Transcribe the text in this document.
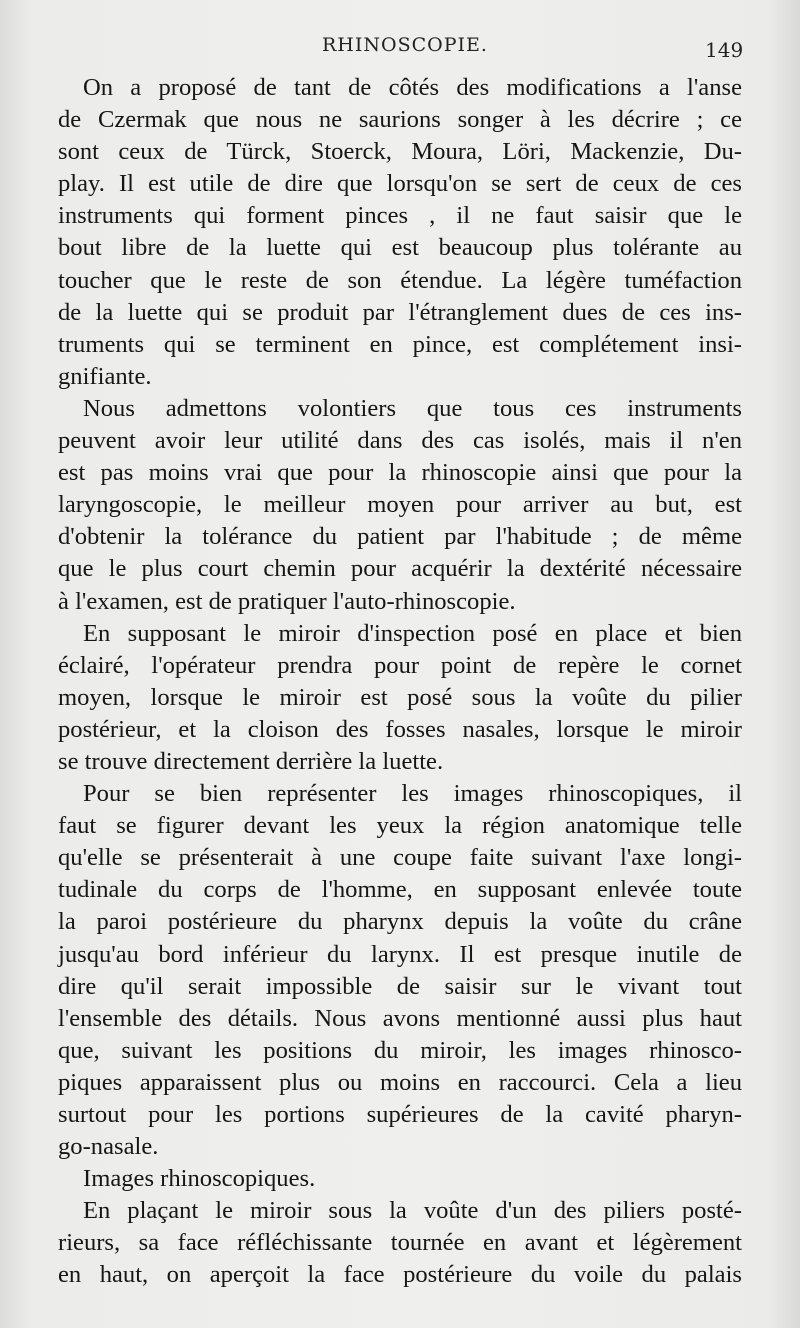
RHINOSCOPIE.	149
On a proposé de tant de côtés des modifications a l'anse
de Czermak que nous ne saurions songer à les décrire ; ce
sont ceux de Türck, Stoerck, Moura, Löri, Mackenzie, Du-
play. Il est utile de dire que lorsqu'on se sert de ceux de ces
instruments qui forment pinces , il ne faut saisir que le
bout libre de la luette qui est beaucoup plus tolérante au
toucher que le reste de son étendue. La légère tuméfaction
de la luette qui se produit par l'étranglement dues de ces ins-
truments qui se terminent en pince, est complétement insi-
gnifiante.
Nous admettons volontiers que tous ces instruments
peuvent avoir leur utilité dans des cas isolés, mais il n'en
est pas moins vrai que pour la rhinoscopie ainsi que pour la
laryngoscopie, le meilleur moyen pour arriver au but, est
d'obtenir la tolérance du patient par l'habitude ; de même
que le plus court chemin pour acquérir la dextérité nécessaire
à l'examen, est de pratiquer l'auto-rhinoscopie.
En supposant le miroir d'inspection posé en place et bien
éclairé, l'opérateur prendra pour point de repère le cornet
moyen, lorsque le miroir est posé sous la voûte du pilier
postérieur, et la cloison des fosses nasales, lorsque le miroir
se trouve directement derrière la luette.
Pour se bien représenter les images rhinoscopiques, il
faut se figurer devant les yeux la région anatomique telle
qu'elle se présenterait à une coupe faite suivant l'axe longi-
tudinale du corps de l'homme, en supposant enlevée toute
la paroi postérieure du pharynx depuis la voûte du crâne
jusqu'au bord inférieur du larynx. Il est presque inutile de
dire qu'il serait impossible de saisir sur le vivant tout
l'ensemble des détails. Nous avons mentionné aussi plus haut
que, suivant les positions du miroir, les images rhinosco-
piques apparaissent plus ou moins en raccourci. Cela a lieu
surtout pour les portions supérieures de la cavité pharyn-
go-nasale.
Images rhinoscopiques.
En plaçant le miroir sous la voûte d'un des piliers posté-
rieurs, sa face réfléchissante tournée en avant et légèrement
en haut, on aperçoit la face postérieure du voile du palais
